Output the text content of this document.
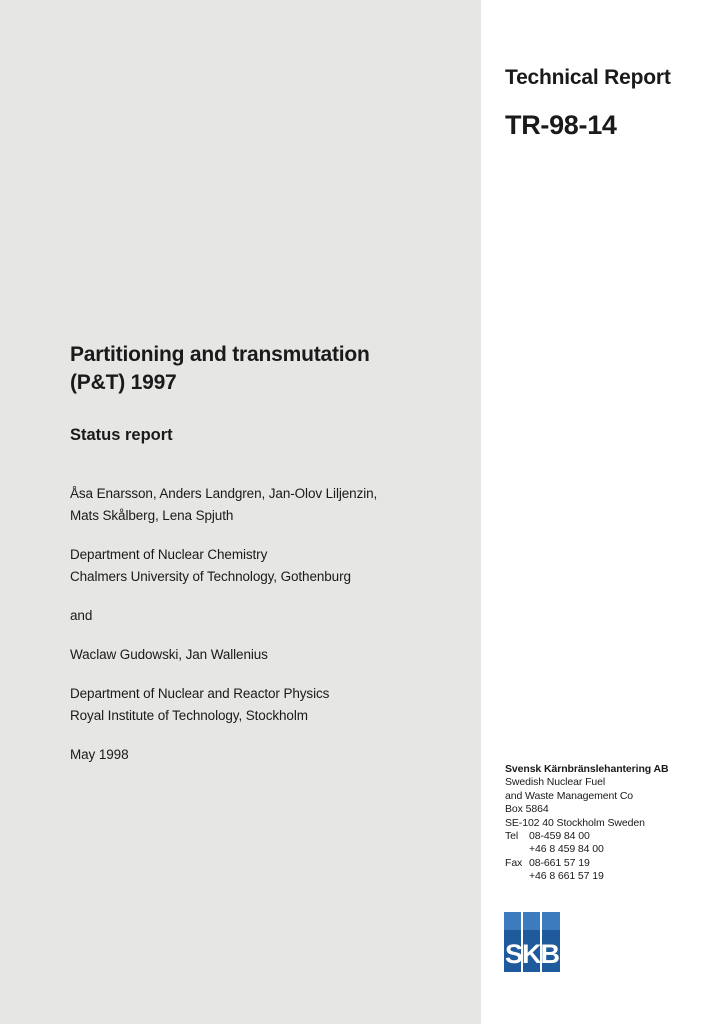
Technical Report
TR-98-14
Partitioning and transmutation
(P&T) 1997
Status report
Åsa Enarsson, Anders Landgren, Jan-Olov Liljenzin,
Mats Skålberg, Lena Spjuth
Department of Nuclear Chemistry
Chalmers University of Technology, Gothenburg
and
Waclaw Gudowski, Jan Wallenius
Department of Nuclear and Reactor Physics
Royal Institute of Technology, Stockholm
May 1998
Svensk Kärnbränslehantering AB
Swedish Nuclear Fuel
and Waste Management Co
Box 5864
SE-102 40 Stockholm Sweden
Tel	08-459 84 00
+46 8 459 84 00
Fax 08-661 57 19
+46 8 661 57 19
SKB
